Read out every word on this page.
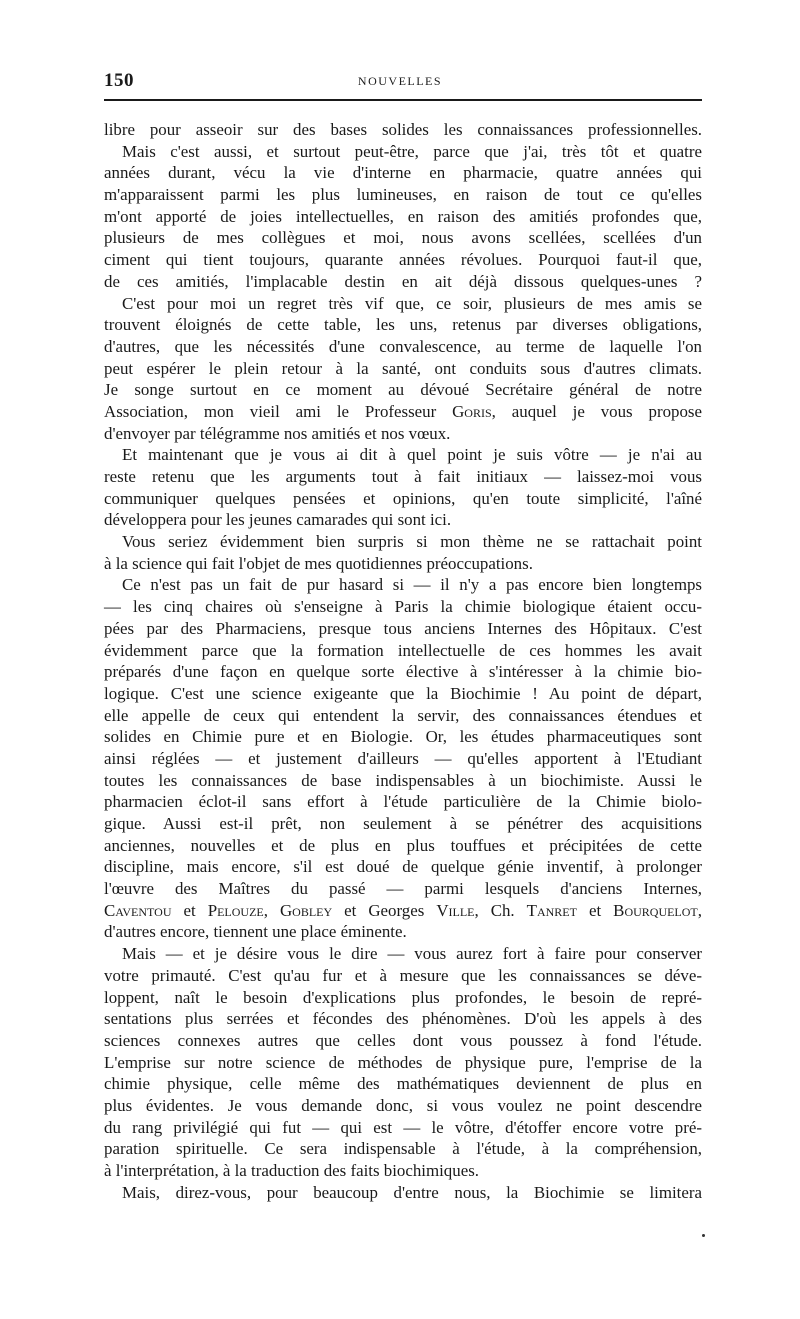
150	NOUVELLES
libre pour asseoir sur des bases solides les connaissances professionnelles.
Mais c'est aussi, et surtout peut-être, parce que j'ai, très tôt et quatre
années durant, vécu la vie d'interne en pharmacie, quatre années qui
m'apparaissent parmi les plus lumineuses, en raison de tout ce qu'elles
m'ont apporté de joies intellectuelles, en raison des amitiés profondes que,
plusieurs de mes collègues et moi, nous avons scellées, scellées d'un
ciment qui tient toujours, quarante années révolues. Pourquoi faut-il que,
de ces amitiés, l'implacable destin en ait déjà dissous quelques-unes ?
C'est pour moi un regret très vif que, ce soir, plusieurs de mes amis se
trouvent éloignés de cette table, les uns, retenus par diverses obligations,
d'autres, que les nécessités d'une convalescence, au terme de laquelle l'on
peut espérer le plein retour à la santé, ont conduits sous d'autres climats.
Je songe surtout en ce moment au dévoué Secrétaire général de notre
Association, mon vieil ami le Professeur Goris, auquel je vous propose
d'envoyer par télégramme nos amitiés et nos vœux.
Et maintenant que je vous ai dit à quel point je suis vôtre — je n'ai au
reste retenu que les arguments tout à fait initiaux — laissez-moi vous
communiquer quelques pensées et opinions, qu'en toute simplicité, l'aîné
développera pour les jeunes camarades qui sont ici.
Vous seriez évidemment bien surpris si mon thème ne se rattachait point
à la science qui fait l'objet de mes quotidiennes préoccupations.
Ce n'est pas un fait de pur hasard si — il n'y a pas encore bien longtemps
— les cinq chaires où s'enseigne à Paris la chimie biologique étaient occu-
pées par des Pharmaciens, presque tous anciens Internes des Hôpitaux. C'est
évidemment parce que la formation intellectuelle de ces hommes les avait
préparés d'une façon en quelque sorte élective à s'intéresser à la chimie bio-
logique. C'est une science exigeante que la Biochimie ! Au point de départ,
elle appelle de ceux qui entendent la servir, des connaissances étendues et
solides en Chimie pure et en Biologie. Or, les études pharmaceutiques sont
ainsi réglées — et justement d'ailleurs — qu'elles apportent à l'Etudiant
toutes les connaissances de base indispensables à un biochimiste. Aussi le
pharmacien éclot-il sans effort à l'étude particulière de la Chimie biolo-
gique. Aussi est-il prêt, non seulement à se pénétrer des acquisitions
anciennes, nouvelles et de plus en plus touffues et précipitées de cette
discipline, mais encore, s'il est doué de quelque génie inventif, à prolonger
l'œuvre des Maîtres du passé — parmi lesquels d'anciens Internes,
Caventou et Pelouze, Gobley et Georges Ville, Ch. Tanret et Bourquelot,
d'autres encore, tiennent une place éminente.
Mais — et je désire vous le dire — vous aurez fort à faire pour conserver
votre primauté. C'est qu'au fur et à mesure que les connaissances se déve-
loppent, naît le besoin d'explications plus profondes, le besoin de repré-
sentations plus serrées et fécondes des phénomènes. D'où les appels à des
sciences connexes autres que celles dont vous poussez à fond l'étude.
L'emprise sur notre science de méthodes de physique pure, l'emprise de la
chimie physique, celle même des mathématiques deviennent de plus en
plus évidentes. Je vous demande donc, si vous voulez ne point descendre
du rang privilégié qui fut — qui est — le vôtre, d'étoffer encore votre pré-
paration spirituelle. Ce sera indispensable à l'étude, à la compréhension,
à l'interprétation, à la traduction des faits biochimiques.
Mais, direz-vous, pour beaucoup d'entre nous, la Biochimie se limitera
